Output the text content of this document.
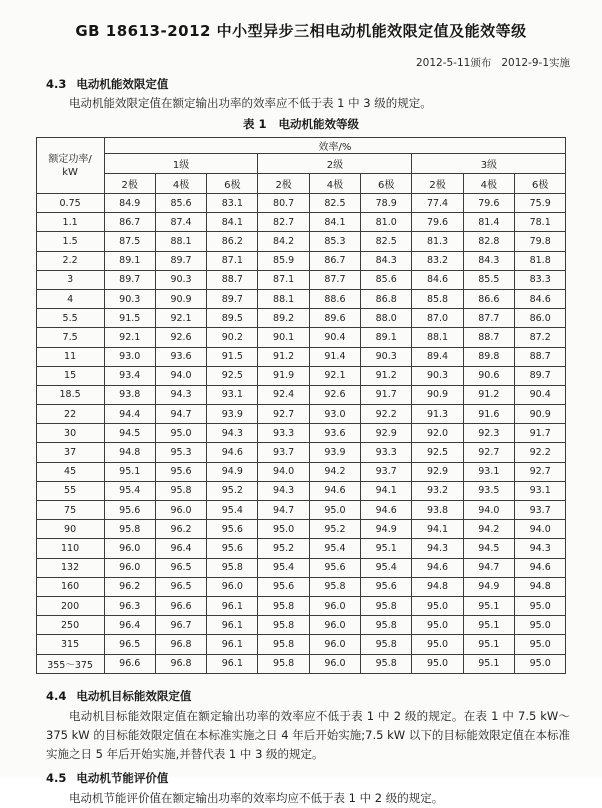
GB 18613-2012 中小型异步三相电动机能效限定值及能效等级
2012-5-11颁布   2012-9-1实施
4.3 电动机能效限定值

电动机能效限定值在额定输出功率的效率应不低于表 1 中 3 级的规定。

表 1 电动机能效等级
额定功率/
kW	效率/%								
	1级			2级			3级		
	2极	4极	6极	2极	4极	6极	2极	4极	6极
0.75	84.9	85.6	83.1	80.7	82.5	78.9	77.4	79.6	75.9
1.1	86.7	87.4	84.1	82.7	84.1	81.0	79.6	81.4	78.1
1.5	87.5	88.1	86.2	84.2	85.3	82.5	81.3	82.8	79.8
2.2	89.1	89.7	87.1	85.9	86.7	84.3	83.2	84.3	81.8
3	89.7	90.3	88.7	87.1	87.7	85.6	84.6	85.5	83.3
4	90.3	90.9	89.7	88.1	88.6	86.8	85.8	86.6	84.6
5.5	91.5	92.1	89.5	89.2	89.6	88.0	87.0	87.7	86.0
7.5	92.1	92.6	90.2	90.1	90.4	89.1	88.1	88.7	87.2
11	93.0	93.6	91.5	91.2	91.4	90.3	89.4	89.8	88.7
15	93.4	94.0	92.5	91.9	92.1	91.2	90.3	90.6	89.7
18.5	93.8	94.3	93.1	92.4	92.6	91.7	90.9	91.2	90.4
22	94.4	94.7	93.9	92.7	93.0	92.2	91.3	91.6	90.9
30	94.5	95.0	94.3	93.3	93.6	92.9	92.0	92.3	91.7
37	94.8	95.3	94.6	93.7	93.9	93.3	92.5	92.7	92.2
45	95.1	95.6	94.9	94.0	94.2	93.7	92.9	93.1	92.7
55	95.4	95.8	95.2	94.3	94.6	94.1	93.2	93.5	93.1
75	95.6	96.0	95.4	94.7	95.0	94.6	93.8	94.0	93.7
90	95.8	96.2	95.6	95.0	95.2	94.9	94.1	94.2	94.0
110	96.0	96.4	95.6	95.2	95.4	95.1	94.3	94.5	94.3
132	96.0	96.5	95.8	95.4	95.6	95.4	94.6	94.7	94.6
160	96.2	96.5	96.0	95.6	95.8	95.6	94.8	94.9	94.8
200	96.3	96.6	96.1	95.8	96.0	95.8	95.0	95.1	95.0
250	96.4	96.7	96.1	95.8	96.0	95.8	95.0	95.1	95.0
315	96.5	96.8	96.1	95.8	96.0	95.8	95.0	95.1	95.0
355～375	96.6	96.8	96.1	95.8	96.0	95.8	95.0	95.1	95.0
4.4 电动机目标能效限定值

电动机目标能效限定值在额定输出功率的效率应不低于表 1 中 2 级的规定。在表 1 中 7.5 kW～375 kW 的目标能效限定值在本标准实施之日 4 年后开始实施;7.5 kW 以下的目标能效限定值在本标准实施之日 5 年后开始实施,并替代表 1 中 3 级的规定。

4.5 电动机节能评价值

电动机节能评价值在额定输出功率的效率均应不低于表 1 中 2 级的规定。
